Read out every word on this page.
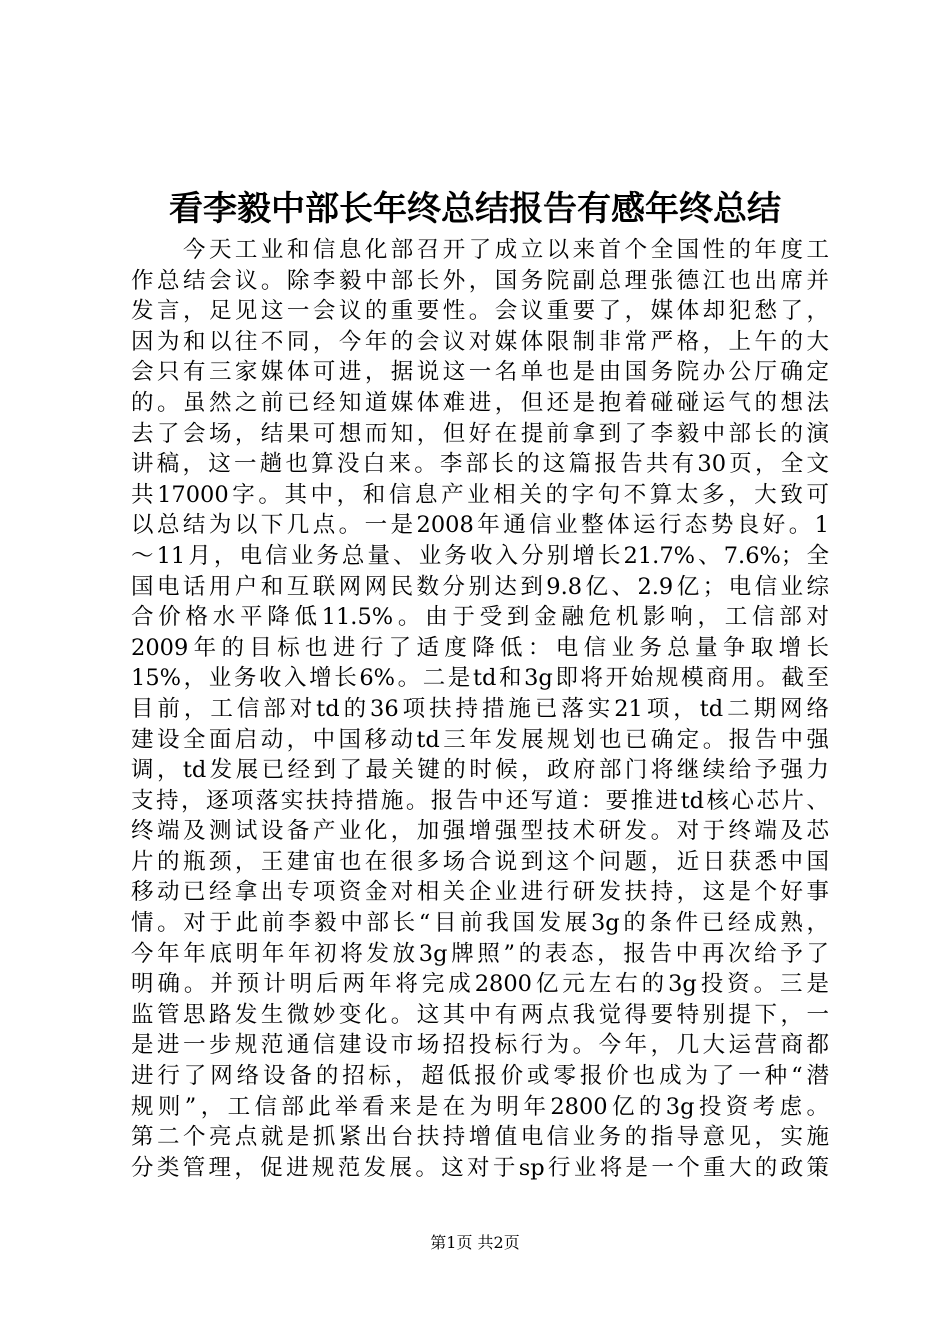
看李毅中部长年终总结报告有感年终总结
　　今天工业和信息化部召开了成立以来首个全国性的年度工
作总结会议。除李毅中部长外，国务院副总理张德江也出席并
发言，足见这一会议的重要性。会议重要了，媒体却犯愁了，
因为和以往不同，今年的会议对媒体限制非常严格，上午的大
会只有三家媒体可进，据说这一名单也是由国务院办公厅确定
的。虽然之前已经知道媒体难进，但还是抱着碰碰运气的想法
去了会场，结果可想而知，但好在提前拿到了李毅中部长的演
讲稿，这一趟也算没白来。李部长的这篇报告共有30页，全文
共17000字。其中，和信息产业相关的字句不算太多，大致可
以总结为以下几点。一是2008年通信业整体运行态势良好。1
～11月，电信业务总量、业务收入分别增长21.7%、7.6%；全
国电话用户和互联网网民数分别达到9.8亿、2.9亿；电信业综
合价格水平降低11.5%。由于受到金融危机影响，工信部对
2009年的目标也进行了适度降低：电信业务总量争取增长
15%，业务收入增长6%。二是td和3g即将开始规模商用。截至
目前，工信部对td的36项扶持措施已落实21项，td二期网络
建设全面启动，中国移动td三年发展规划也已确定。报告中强
调，td发展已经到了最关键的时候，政府部门将继续给予强力
支持，逐项落实扶持措施。报告中还写道：要推进td核心芯片、
终端及测试设备产业化，加强增强型技术研发。对于终端及芯
片的瓶颈，王建宙也在很多场合说到这个问题，近日获悉中国
移动已经拿出专项资金对相关企业进行研发扶持，这是个好事
情。对于此前李毅中部长“目前我国发展3g的条件已经成熟，
今年年底明年年初将发放3g牌照”的表态，报告中再次给予了
明确。并预计明后两年将完成2800亿元左右的3g投资。三是
监管思路发生微妙变化。这其中有两点我觉得要特别提下，一
是进一步规范通信建设市场招投标行为。今年，几大运营商都
进行了网络设备的招标，超低报价或零报价也成为了一种“潜
规则”，工信部此举看来是在为明年2800亿的3g投资考虑。
第二个亮点就是抓紧出台扶持增值电信业务的指导意见，实施
分类管理，促进规范发展。这对于sp行业将是一个重大的政策
第1页 共2页
